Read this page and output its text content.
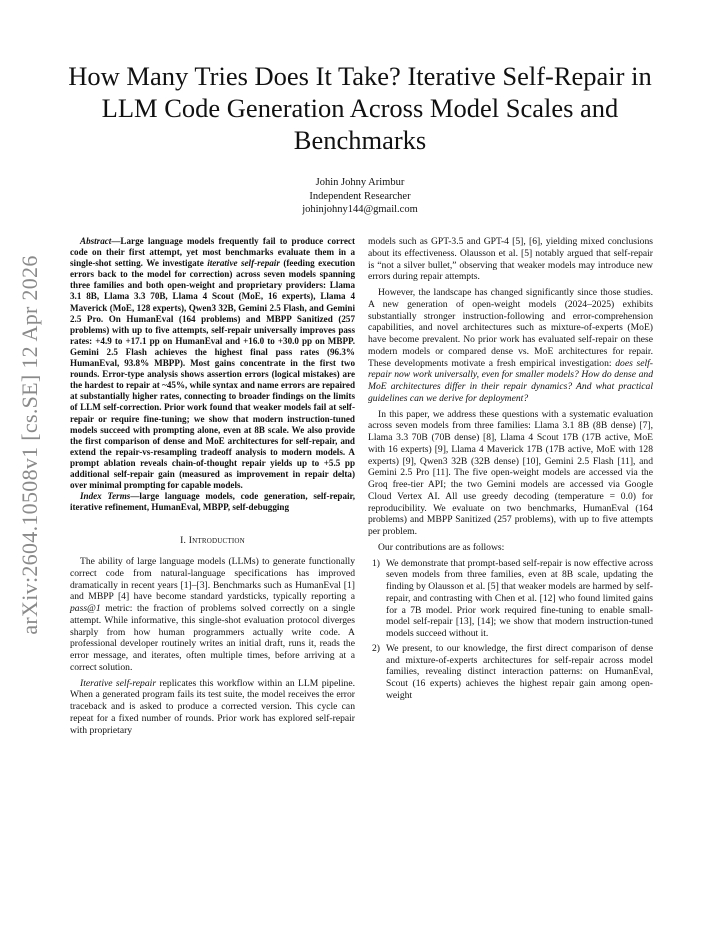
arXiv:2604.10508v1 [cs.SE] 12 Apr 2026
How Many Tries Does It Take? Iterative Self-Repair in LLM Code Generation Across Model Scales and Benchmarks
Johin Johny Arimbur
Independent Researcher
johinjohny144@gmail.com

Abstract—Large language models frequently fail to produce correct code on their first attempt, yet most benchmarks evaluate them in a single-shot setting. We investigate iterative self-repair (feeding execution errors back to the model for correction) across seven models spanning three families and both open-weight and proprietary providers: Llama 3.1 8B, Llama 3.3 70B, Llama 4 Scout (MoE, 16 experts), Llama 4 Maverick (MoE, 128 experts), Qwen3 32B, Gemini 2.5 Flash, and Gemini 2.5 Pro. On HumanEval (164 problems) and MBPP Sanitized (257 problems) with up to five attempts, self-repair universally improves pass rates: +4.9 to +17.1 pp on HumanEval and +16.0 to +30.0 pp on MBPP. Gemini 2.5 Flash achieves the highest final pass rates (96.3% HumanEval, 93.8% MBPP). Most gains concentrate in the first two rounds. Error-type analysis shows assertion errors (logical mistakes) are the hardest to repair at ~45%, while syntax and name errors are repaired at substantially higher rates, connecting to broader findings on the limits of LLM self-correction. Prior work found that weaker models fail at self-repair or require fine-tuning; we show that modern instruction-tuned models succeed with prompting alone, even at 8B scale. We also provide the first comparison of dense and MoE architectures for self-repair, and extend the repair-vs-resampling tradeoff analysis to modern models. A prompt ablation reveals chain-of-thought repair yields up to +5.5 pp additional self-repair gain (measured as improvement in repair delta) over minimal prompting for capable models.

Index Terms—large language models, code generation, self-repair, iterative refinement, HumanEval, MBPP, self-debugging

I. Introduction

The ability of large language models (LLMs) to generate functionally correct code from natural-language specifications has improved dramatically in recent years [1]–[3]. Benchmarks such as HumanEval [1] and MBPP [4] have become standard yardsticks, typically reporting a pass@1 metric: the fraction of problems solved correctly on a single attempt. While informative, this single-shot evaluation protocol diverges sharply from how human programmers actually write code. A professional developer routinely writes an initial draft, runs it, reads the error message, and iterates, often multiple times, before arriving at a correct solution.

Iterative self-repair replicates this workflow within an LLM pipeline. When a generated program fails its test suite, the model receives the error traceback and is asked to produce a corrected version. This cycle can repeat for a fixed number of rounds. Prior work has explored self-repair with proprietary

models such as GPT-3.5 and GPT-4 [5], [6], yielding mixed conclusions about its effectiveness. Olausson et al. [5] notably argued that self-repair is “not a silver bullet,” observing that weaker models may introduce new errors during repair attempts.

However, the landscape has changed significantly since those studies. A new generation of open-weight models (2024–2025) exhibits substantially stronger instruction-following and error-comprehension capabilities, and novel architectures such as mixture-of-experts (MoE) have become prevalent. No prior work has evaluated self-repair on these modern models or compared dense vs. MoE architectures for repair. These developments motivate a fresh empirical investigation: does self-repair now work universally, even for smaller models? How do dense and MoE architectures differ in their repair dynamics? And what practical guidelines can we derive for deployment?

In this paper, we address these questions with a systematic evaluation across seven models from three families: Llama 3.1 8B (8B dense) [7], Llama 3.3 70B (70B dense) [8], Llama 4 Scout 17B (17B active, MoE with 16 experts) [9], Llama 4 Maverick 17B (17B active, MoE with 128 experts) [9], Qwen3 32B (32B dense) [10], Gemini 2.5 Flash [11], and Gemini 2.5 Pro [11]. The five open-weight models are accessed via the Groq free-tier API; the two Gemini models are accessed via Google Cloud Vertex AI. All use greedy decoding (temperature = 0.0) for reproducibility. We evaluate on two benchmarks, HumanEval (164 problems) and MBPP Sanitized (257 problems), with up to five attempts per problem.

Our contributions are as follows:

1) We demonstrate that prompt-based self-repair is now effective across seven models from three families, even at 8B scale, updating the finding by Olausson et al. [5] that weaker models are harmed by self-repair, and contrasting with Chen et al. [12] who found limited gains for a 7B model. Prior work required fine-tuning to enable small-model self-repair [13], [14]; we show that modern instruction-tuned models succeed without it.
2) We present, to our knowledge, the first direct comparison of dense and mixture-of-experts architectures for self-repair across model families, revealing distinct interaction patterns: on HumanEval, Scout (16 experts) achieves the highest repair gain among open-weight
